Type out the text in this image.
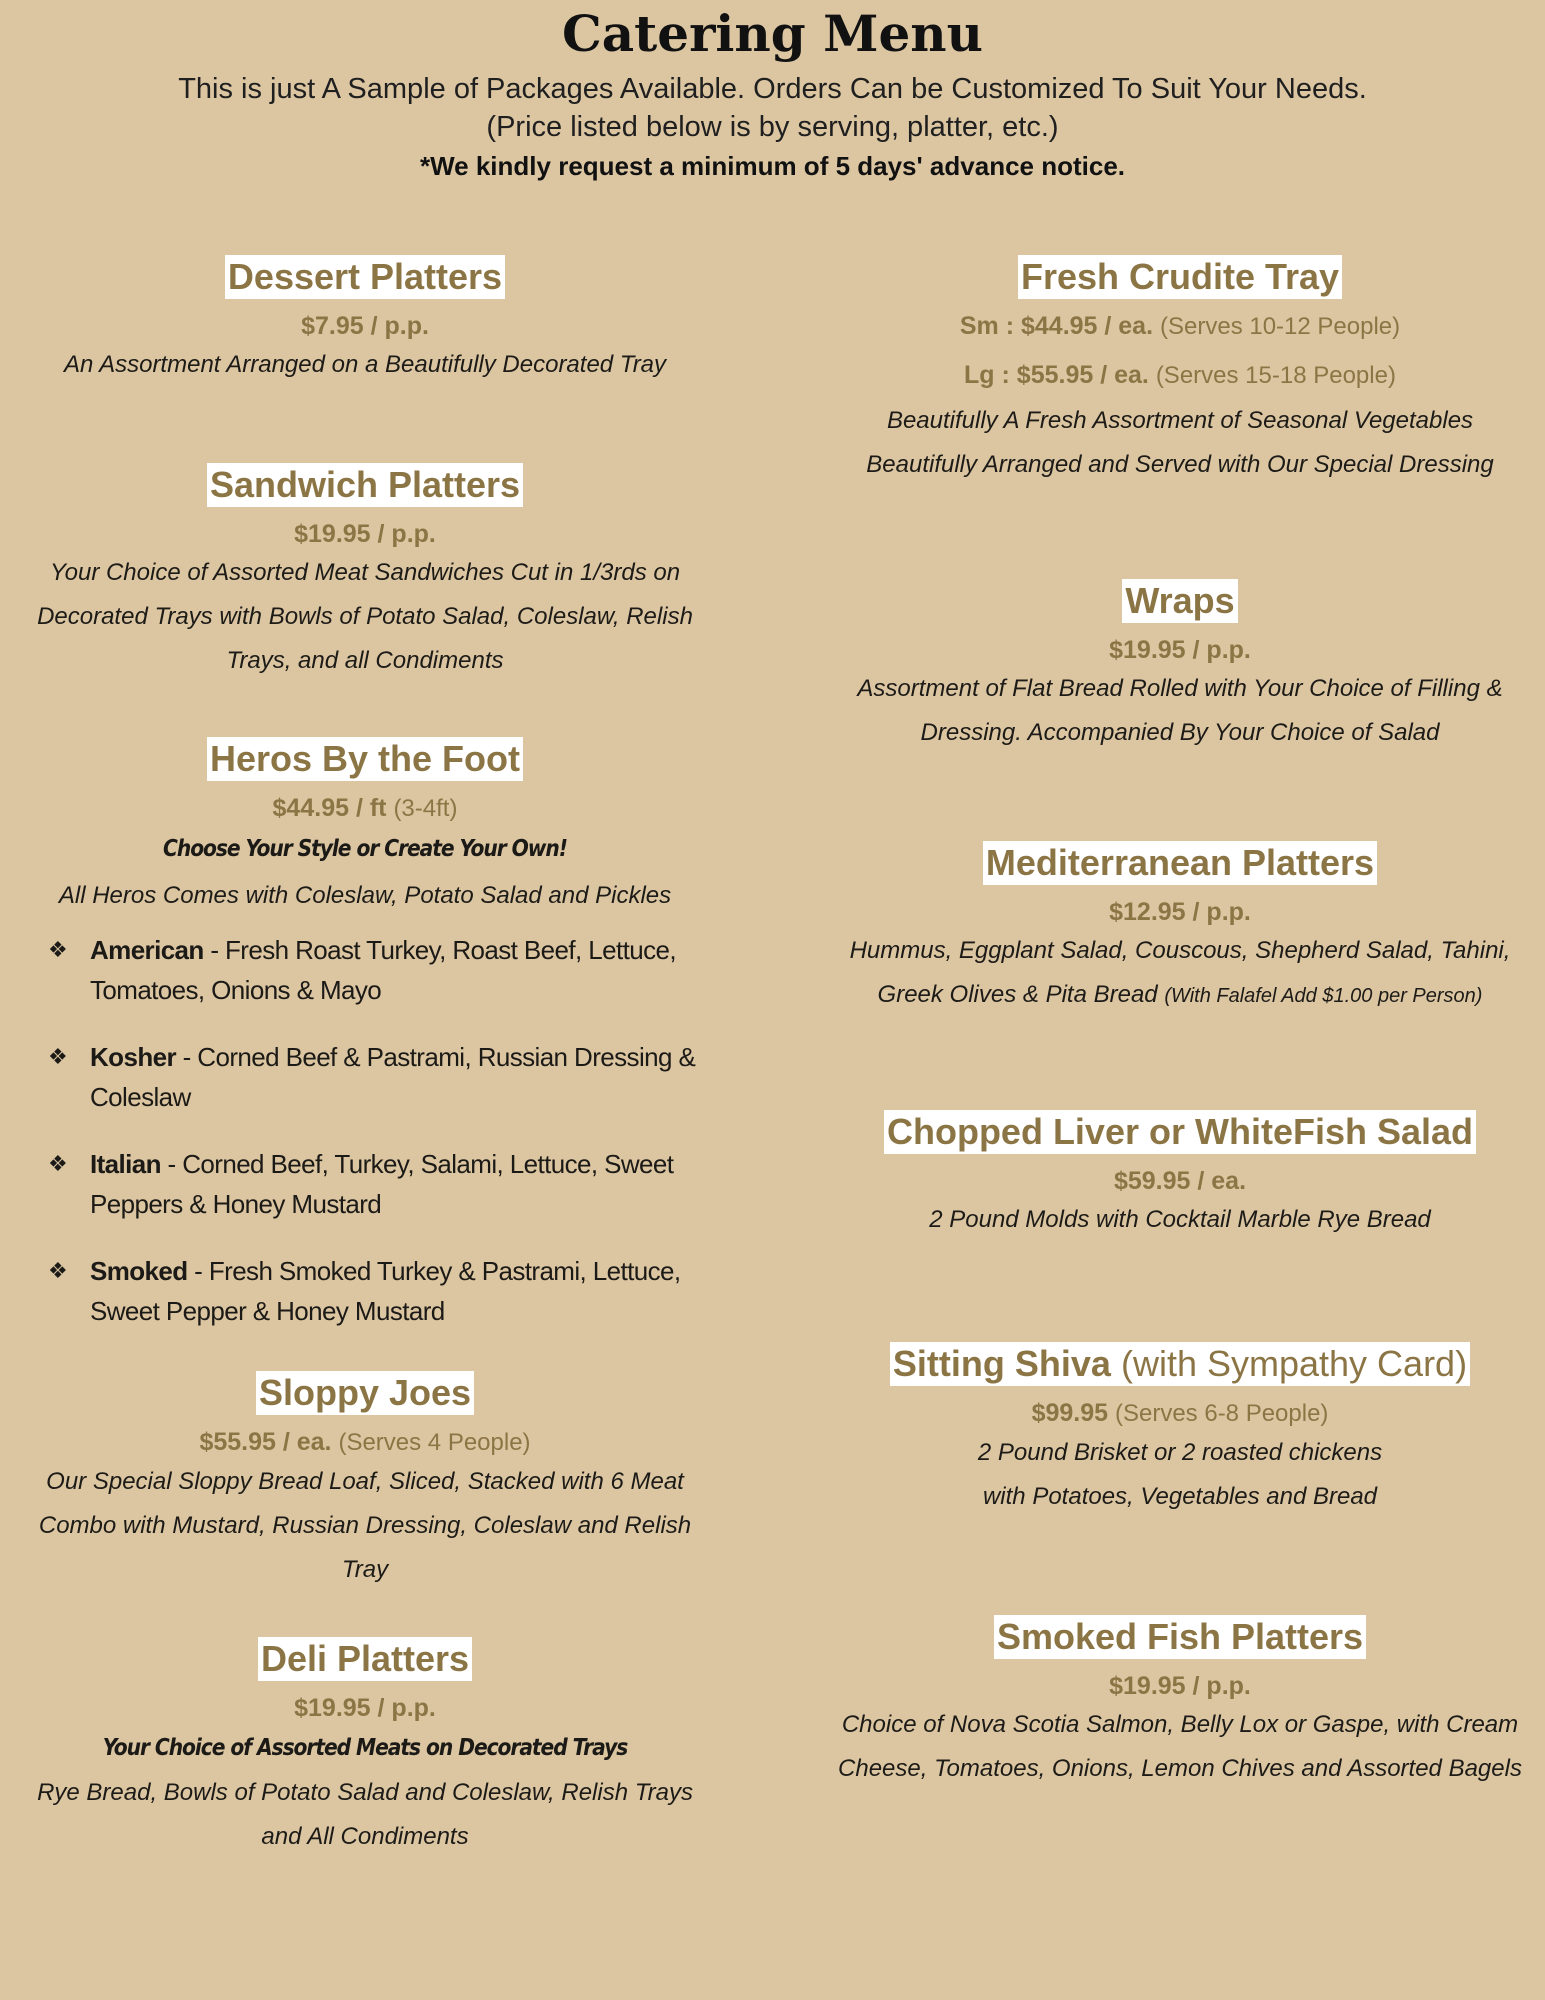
Catering Menu

This is just A Sample of Packages Available. Orders Can be Customized To Suit Your Needs.

(Price listed below is by serving, platter, etc.)

*We kindly request a minimum of 5 days' advance notice.

Dessert Platters
$7.95 / p.p.
An Assortment Arranged on a Beautifully Decorated Tray
Sandwich Platters
$19.95 / p.p.
Your Choice of Assorted Meat Sandwiches Cut in 1/3rds on
Decorated Trays with Bowls of Potato Salad, Coleslaw, Relish
Trays, and all Condiments
Heros By the Foot
$44.95 / ft (3-4ft)
Choose Your Style or Create Your Own!
All Heros Comes with Coleslaw, Potato Salad and Pickles
❖ American - Fresh Roast Turkey, Roast Beef, Lettuce, Tomatoes, Onions & Mayo
❖ Kosher - Corned Beef & Pastrami, Russian Dressing & Coleslaw
❖ Italian - Corned Beef, Turkey, Salami, Lettuce, Sweet Peppers & Honey Mustard
❖ Smoked - Fresh Smoked Turkey & Pastrami, Lettuce, Sweet Pepper & Honey Mustard
Sloppy Joes
$55.95 / ea. (Serves 4 People)
Our Special Sloppy Bread Loaf, Sliced, Stacked with 6 Meat
Combo with Mustard, Russian Dressing, Coleslaw and Relish
Tray
Deli Platters
$19.95 / p.p.
Your Choice of Assorted Meats on Decorated Trays
Rye Bread, Bowls of Potato Salad and Coleslaw, Relish Trays
and All Condiments
Fresh Crudite Tray
Sm : $44.95 / ea. (Serves 10-12 People)
Lg : $55.95 / ea. (Serves 15-18 People)
Beautifully A Fresh Assortment of Seasonal Vegetables
Beautifully Arranged and Served with Our Special Dressing
Wraps
$19.95 / p.p.
Assortment of Flat Bread Rolled with Your Choice of Filling &
Dressing. Accompanied By Your Choice of Salad
Mediterranean Platters
$12.95 / p.p.
Hummus, Eggplant Salad, Couscous, Shepherd Salad, Tahini,
Greek Olives & Pita Bread (With Falafel Add $1.00 per Person)
Chopped Liver or WhiteFish Salad
$59.95 / ea.
2 Pound Molds with Cocktail Marble Rye Bread
Sitting Shiva (with Sympathy Card)
$99.95 (Serves 6-8 People)
2 Pound Brisket or 2 roasted chickens
with Potatoes, Vegetables and Bread
Smoked Fish Platters
$19.95 / p.p.
Choice of Nova Scotia Salmon, Belly Lox or Gaspe, with Cream
Cheese, Tomatoes, Onions, Lemon Chives and Assorted Bagels
